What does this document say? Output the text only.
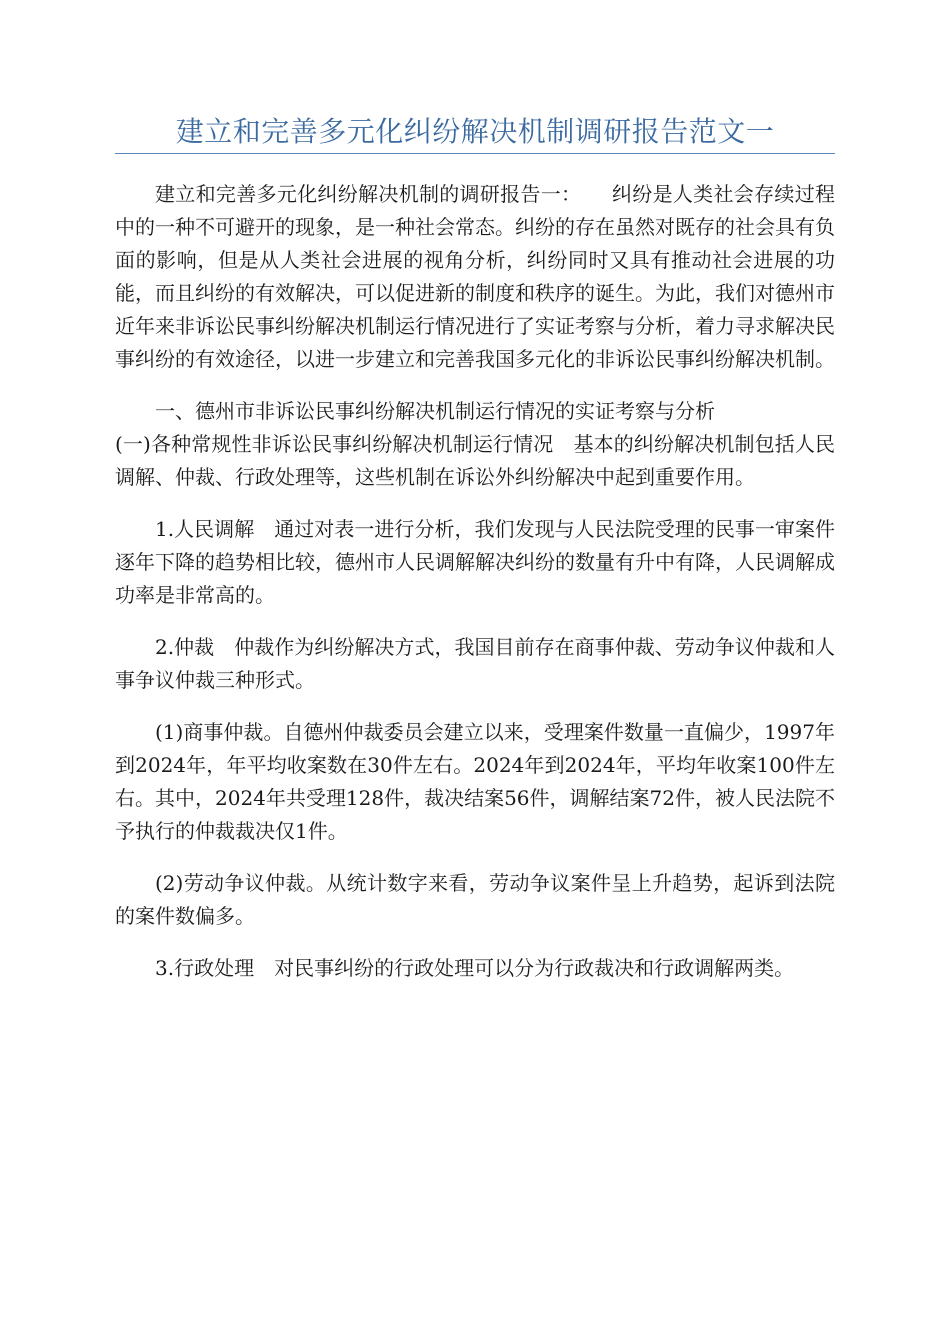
建立和完善多元化纠纷解决机制调研报告范文一

建立和完善多元化纠纷解决机制的调研报告一：　　纠纷是人类社会存续过程中的一种不可避开的现象，是一种社会常态。纠纷的存在虽然对既存的社会具有负面的影响，但是从人类社会进展的视角分析，纠纷同时又具有推动社会进展的功能，而且纠纷的有效解决，可以促进新的制度和秩序的诞生。为此，我们对德州市近年来非诉讼民事纠纷解决机制运行情况进行了实证考察与分析，着力寻求解决民事纠纷的有效途径，以进一步建立和完善我国多元化的非诉讼民事纠纷解决机制。

一、德州市非诉讼民事纠纷解决机制运行情况的实证考察与分析

(一)各种常规性非诉讼民事纠纷解决机制运行情况　基本的纠纷解决机制包括人民调解、仲裁、行政处理等，这些机制在诉讼外纠纷解决中起到重要作用。

1.人民调解　通过对表一进行分析，我们发现与人民法院受理的民事一审案件逐年下降的趋势相比较，德州市人民调解解决纠纷的数量有升中有降，人民调解成功率是非常高的。

2.仲裁　仲裁作为纠纷解决方式，我国目前存在商事仲裁、劳动争议仲裁和人事争议仲裁三种形式。

(1)商事仲裁。自德州仲裁委员会建立以来，受理案件数量一直偏少，1997年到2024年，年平均收案数在30件左右。2024年到2024年，平均年收案100件左右。其中，2024年共受理128件，裁决结案56件，调解结案72件，被人民法院不予执行的仲裁裁决仅1件。

(2)劳动争议仲裁。从统计数字来看，劳动争议案件呈上升趋势，起诉到法院的案件数偏多。

3.行政处理　对民事纠纷的行政处理可以分为行政裁决和行政调解两类。
